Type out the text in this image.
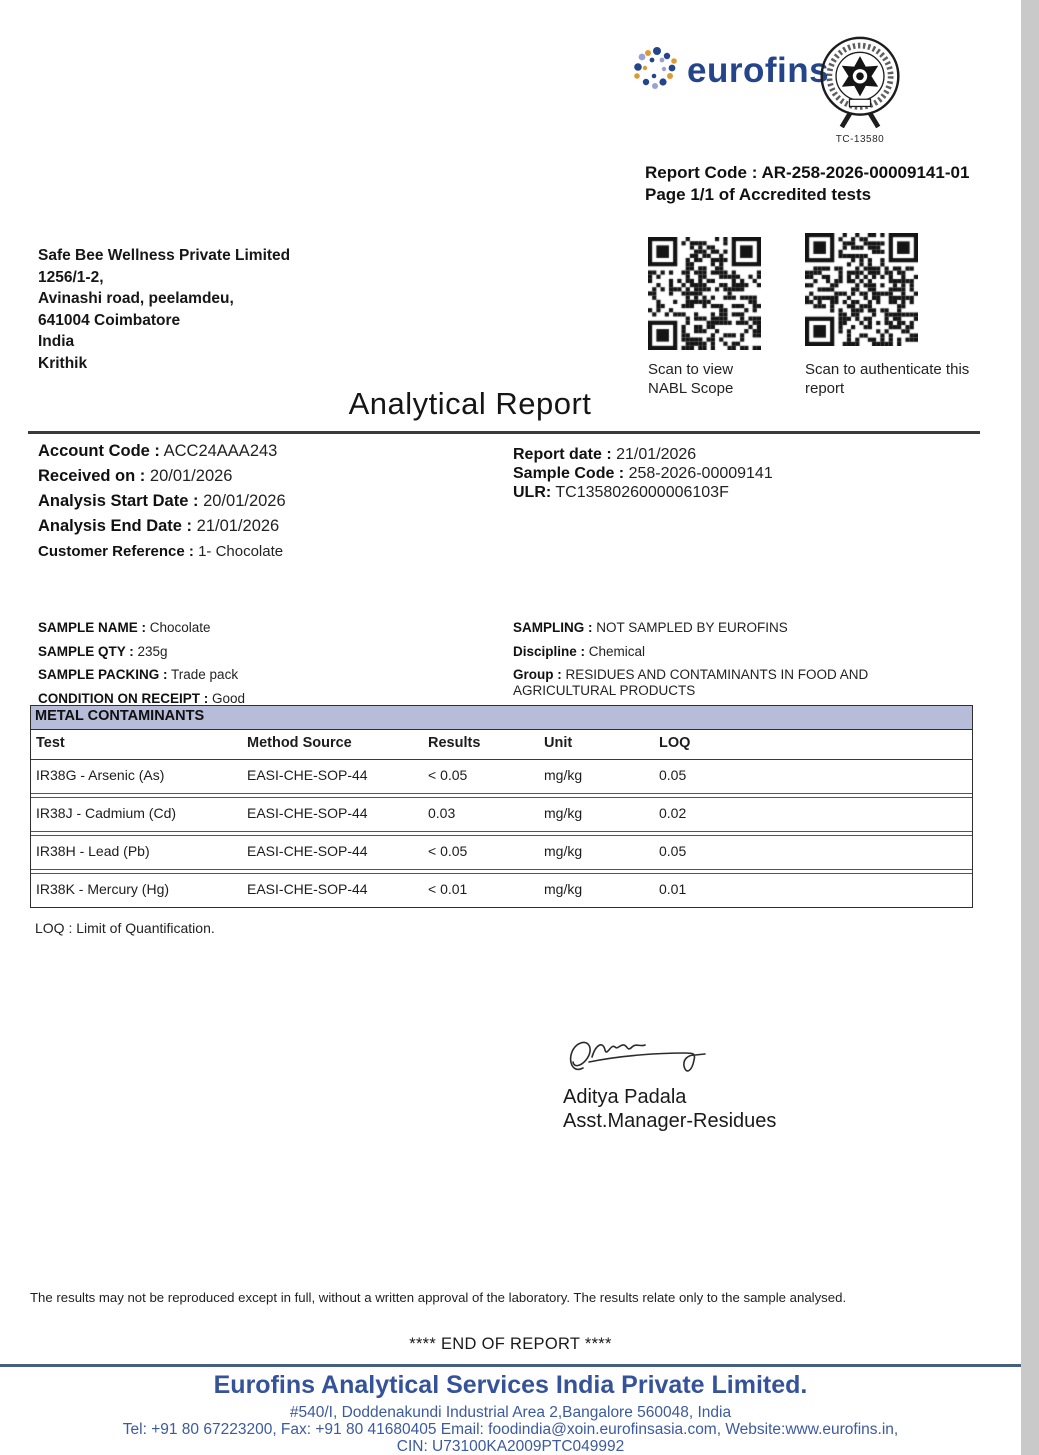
eurofins
TC-13580
Report Code : AR-258-2026-00009141-01
Page 1/1 of Accredited tests
Safe Bee Wellness Private Limited
1256/1-2,
Avinashi road, peelamdeu,
641004 Coimbatore
India
Krithik	Scan to view
NABL Scope
Scan to authenticate this
report
Analytical Report
Account Code : ACC24AAA243
Received on : 20/01/2026
Analysis Start Date : 20/01/2026
Analysis End Date : 21/01/2026
Customer Reference : 1- Chocolate
Report date : 21/01/2026
Sample Code : 258-2026-00009141
ULR: TC1358026000006103F
SAMPLE NAME : Chocolate
SAMPLE QTY : 235g
SAMPLE PACKING : Trade pack
CONDITION ON RECEIPT : Good
SAMPLING : NOT SAMPLED BY EUROFINS
Discipline : Chemical
Group : RESIDUES AND CONTAMINANTS IN FOOD AND AGRICULTURAL PRODUCTS
METAL CONTAMINANTS
Test	Method Source	Results	Unit	LOQ
IR38G - Arsenic (As)	EASI-CHE-SOP-44	< 0.05	mg/kg	0.05
IR38J - Cadmium (Cd)	EASI-CHE-SOP-44	0.03	mg/kg	0.02
IR38H - Lead (Pb)	EASI-CHE-SOP-44	< 0.05	mg/kg	0.05
IR38K - Mercury (Hg)	EASI-CHE-SOP-44	< 0.01	mg/kg	0.01
LOQ : Limit of Quantification.
Aditya Padala
Asst.Manager-Residues
The results may not be reproduced except in full, without a written approval of the laboratory. The results relate only to the sample analysed.
**** END OF REPORT ****
Eurofins Analytical Services India Private Limited.
#540/I, Doddenakundi Industrial Area 2,Bangalore 560048, India
Tel: +91 80 67223200, Fax: +91 80 41680405 Email: foodindia@xoin.eurofinsasia.com, Website:www.eurofins.in,
CIN: U73100KA2009PTC049992
